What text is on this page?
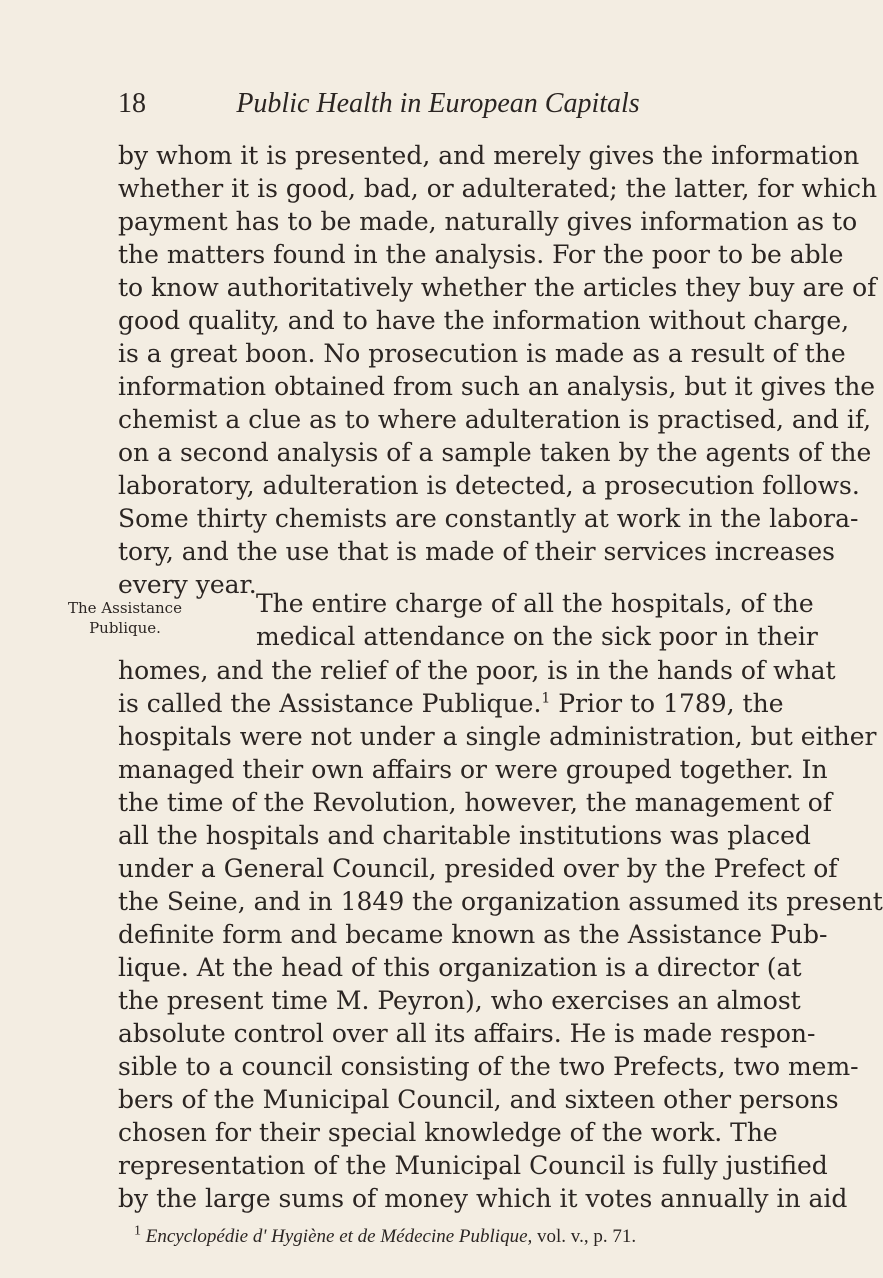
18	Public Health in European Capitals
by whom it is presented, and merely gives the information
whether it is good, bad, or adulterated; the latter, for which
payment has to be made, naturally gives information as to
the matters found in the analysis. For the poor to be able
to know authoritatively whether the articles they buy are of
good quality, and to have the information without charge,
is a great boon. No prosecution is made as a result of the
information obtained from such an analysis, but it gives the
chemist a clue as to where adulteration is practised, and if,
on a second analysis of a sample taken by the agents of the
laboratory, adulteration is detected, a prosecution follows.
Some thirty chemists are constantly at work in the labora-
tory, and the use that is made of their services increases
every year.
The Assistance
Publique.
The entire charge of all the hospitals, of the
medical attendance on the sick poor in their
homes, and the relief of the poor, is in the hands of what
is called the Assistance Publique.$^1$ Prior to 1789, the
hospitals were not under a single administration, but either
managed their own affairs or were grouped together. In
the time of the Revolution, however, the management of
all the hospitals and charitable institutions was placed
under a General Council, presided over by the Prefect of
the Seine, and in 1849 the organization assumed its present
definite form and became known as the Assistance Pub-
lique. At the head of this organization is a director (at
the present time M. Peyron), who exercises an almost
absolute control over all its affairs. He is made respon-
sible to a council consisting of the two Prefects, two mem-
bers of the Municipal Council, and sixteen other persons
chosen for their special knowledge of the work. The
representation of the Municipal Council is fully justified
$^1$ Encyclopédie d' Hygiène et de Médecine Publique, vol. v., p. 71.
by the large sums of money which it votes annually in aid
